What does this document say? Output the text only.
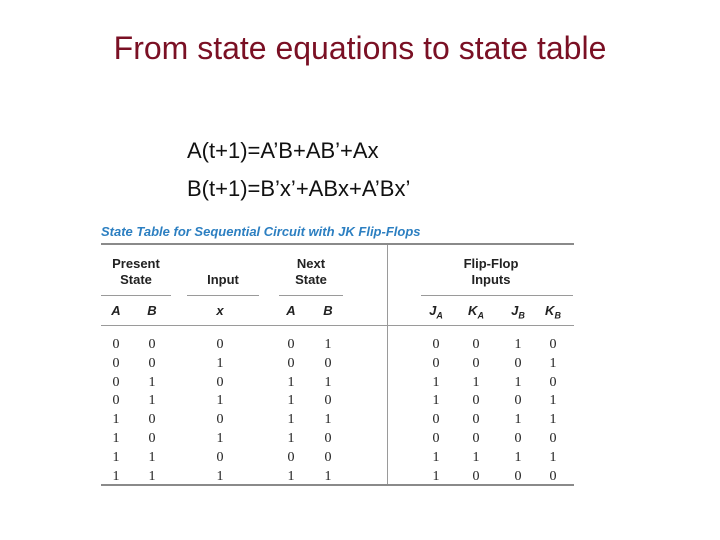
From state equations to state table
A(t+1)=A’B+AB’+Ax
B(t+1)=B’x’+ABx+A’Bx’
State Table for Sequential Circuit with JK Flip-Flops
Present
State	Input
Next
State
Flip-Flop
Inputs
A	B	x	A	B	$J_A$	$K_A$	$J_B$	$K_B$
0	0	0	0	1	0	0	1	0
0	0	1	0	0	0	0	0	1
0	1	0	1	1	1	1	1	0
0	1	1	1	0	1	0	0	1
1	0	0	1	1	0	0	1	1
1	0	1	1	0	0	0	0	0
1	1	0	0	0	1	1	1	1
1	1	1	1	1	1	0	0	0
